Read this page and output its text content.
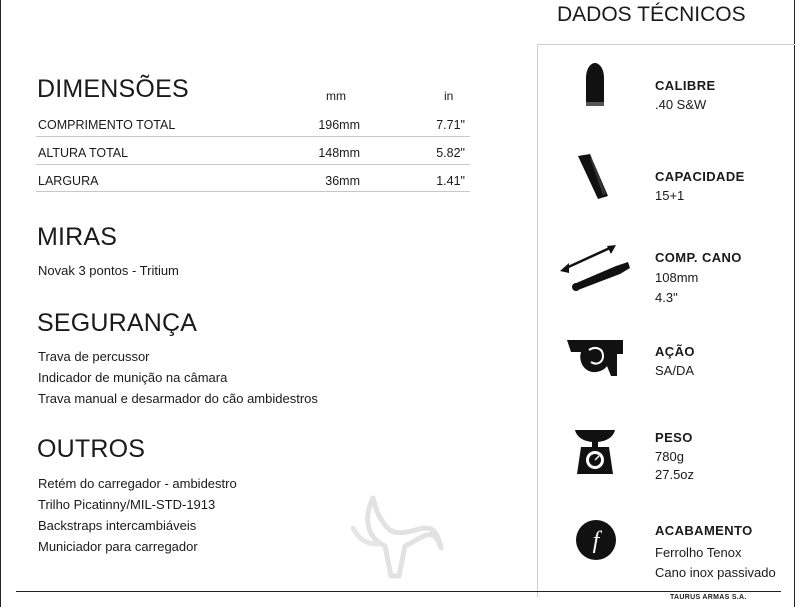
DIMENSÕES	mm	in
COMPRIMENTO TOTAL	196mm	7.71"
ALTURA TOTAL	148mm	5.82"
LARGURA	36mm	1.41"
MIRAS
Novak 3 pontos - Tritium
SEGURANÇA
Trava de percussor
Indicador de munição na câmara
Trava manual e desarmador do cão ambidestros
OUTROS
Retém do carregador - ambidestro
Trilho Picatinny/MIL-STD-1913
Backstraps intercambiáveis
Municiador para carregador
DADOS TÉCNICOS
CALIBRE
.40 S&W
CAPACIDADE
15+1
COMP. CANO
108mm
4.3"
AÇÃO
SA/DA
PESO
780g
27.5oz
f	ACABAMENTO
Ferrolho Tenox
Cano inox passivado
TAURUS ARMAS S.A.
